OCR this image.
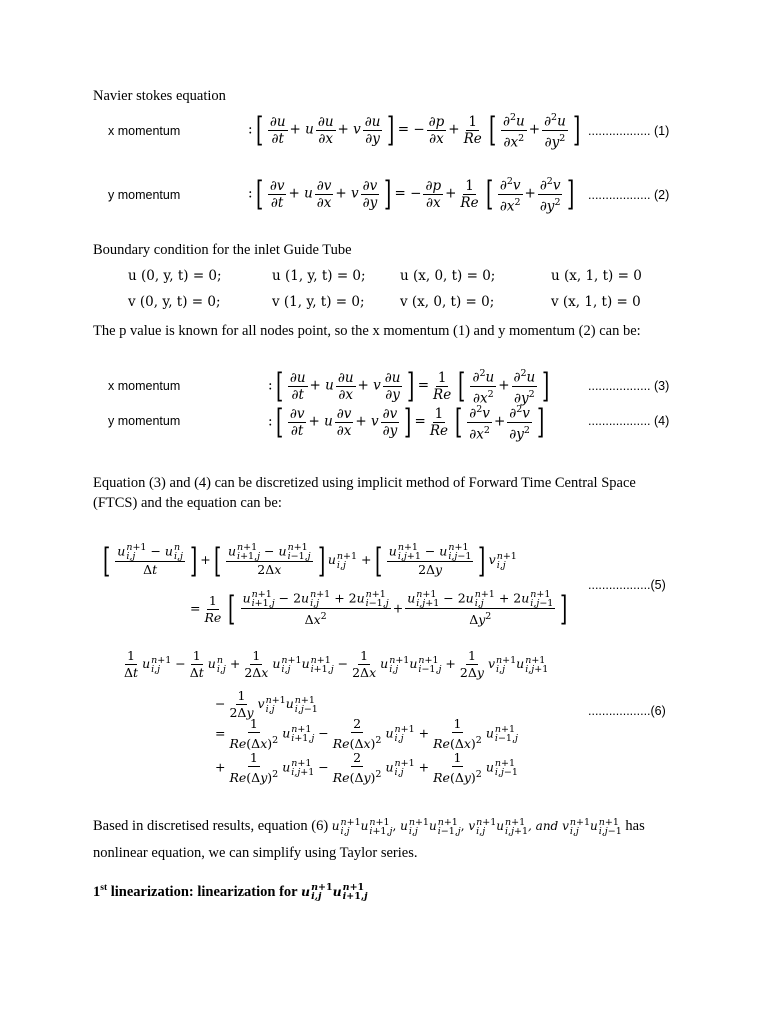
Navier stokes equation
x momentum	:[ $\frac{\partial u}{\partial t} + u \frac{\partial u}{\partial x} + v \frac{\partial u}{\partial y}$ ] = − $\frac{\partial p}{\partial x} + \frac{1}{Re}$ [ $\frac{\partial^2u}{\partial x^2} + \frac{\partial^2u}{\partial y^2}$ ] .................. (1)
y momentum	:[ $\frac{\partial v}{\partial t} + u \frac{\partial v}{\partial x} + v \frac{\partial v}{\partial y}$ ] = − $\frac{\partial p}{\partial x} + \frac{1}{Re}$ [ $\frac{\partial^2v}{\partial x^2} + \frac{\partial^2v}{\partial y^2}$ ] .................. (2)
Boundary condition for the inlet Guide Tube
u (0, y, t) = 0;	u (1, y, t) = 0;	u (x, 0, t) = 0;	u (x, 1, t) = 0
v (0, y, t) = 0;	v (1, y, t) = 0;	v (x, 0, t) = 0;	v (x, 1, t) = 0
The p value is known for all nodes point, so the x momentum (1) and y momentum (2) can be:
x momentum	:[ $\frac{\partial u}{\partial t} + u \frac{\partial u}{\partial x} + v \frac{\partial u}{\partial y}$ ] = $\frac{1}{Re}$ [ $\frac{\partial^2u}{\partial x^2} + \frac{\partial^2u}{\partial y^2}$ ]	.................. (3)
y momentum	:[ $\frac{\partial v}{\partial t} + u \frac{\partial v}{\partial x} + v \frac{\partial v}{\partial y}$ ] = $\frac{1}{Re}$ [ $\frac{\partial^2v}{\partial x^2} + \frac{\partial^2v}{\partial y^2}$ ]	.................. (4)
Equation (3) and (4) can be discretized using implicit method of Forward Time Central Space (FTCS) and the equation can be:
[ u n+1
i,j − u n
i,j
Δt ] +[ u n+1
i+1,j − u n+1
i−1,j
2Δx ] u n+1
i,j +[ u n+1
i,j+1 − u n+1
i,j−1
2Δy ] v n+1
i,j
= $\frac{1}{Re}$ [ u n+1
i+1,j − 2u n+1
i,j + 2u n+1
i−1,j
$\Delta x^2 + u$ n+1
i,j+1 − 2u n+1
i,j + 2u n+1
i,j−1
$\Delta y^2$ ]
..................(5)
$\frac{1}{\Delta t}$ u n+1
$i,j - \frac{1}{\Delta t}$ u n
$i,j + \frac{1}{2\Delta x}$ u n+1
i,j u n+1
$i+1,j - \frac{1}{2\Delta x}$ u n+1
i,j u n+1
$i-1,j + \frac{1}{2\Delta y}$ v n+1
i,j u n+1
i,j+1
− $\frac{1}{2\Delta y}$ v n+1
i,j u n+1
i,j−1
= $\frac{1}{Re(\Delta x)^2}$ u n+1
$i+1,j - \frac{2}{Re(\Delta x)^2}$ u n+1
$i,j + \frac{1}{Re(\Delta x)^2}$ u n+1
i−1,j
+ $\frac{1}{Re(\Delta y)^2}$ u n+1
$i,j+1 - \frac{2}{Re(\Delta y)^2}$ u n+1
$i,j + \frac{1}{Re(\Delta y)^2}$ u n+1
i,j−1
..................(6)
Based in discretised results, equation (6) u n+1
i,j u n+1
i+1,j , u n+1
i,j u n+1
i−1,j , v n+1
i,j u n+1
i,j+1 , and v n+1
i,j u n+1
i,j−1 has
nonlinear equation, we can simplify using Taylor series.
1st linearization: linearization for u n+1
i,j u n+1
i+1,j
